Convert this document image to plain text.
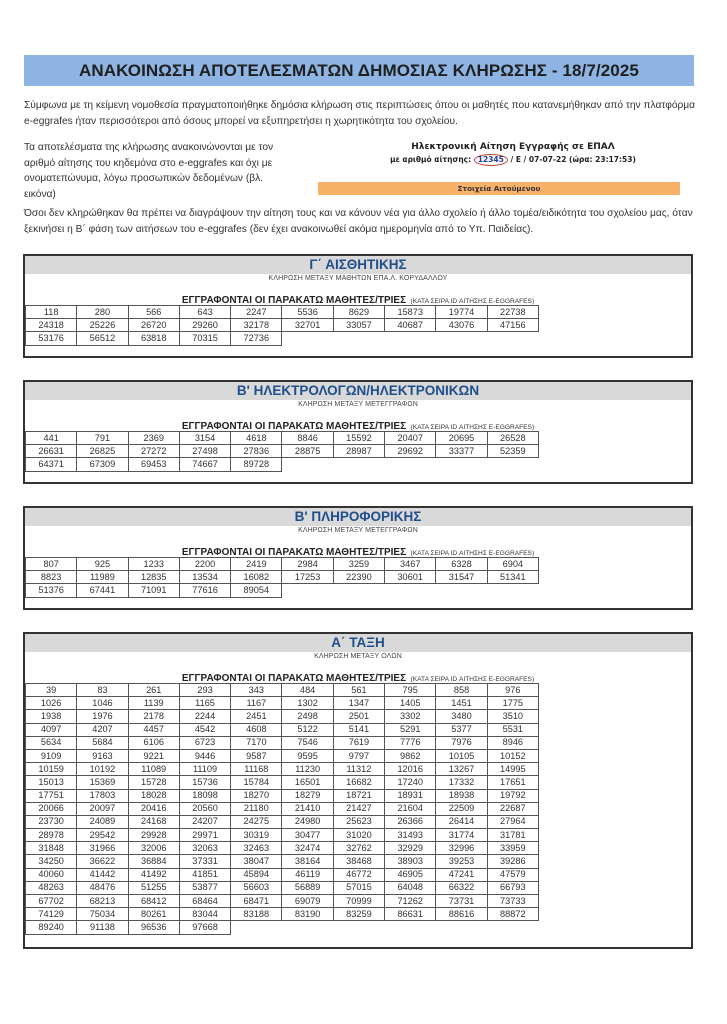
ΑΝΑΚΟΙΝΩΣΗ ΑΠΟΤΕΛΕΣΜΑΤΩΝ ΔΗΜΟΣΙΑΣ ΚΛΗΡΩΣΗΣ - 18/7/2025

Σύμφωνα με τη κείμενη νομοθεσία πραγματοποιήθηκε δημόσια κλήρωση στις περιπτώσεις όπου οι μαθητές που κατανεμήθηκαν από την πλατφόρμα e-eggrafes ήταν περισσότεροι από όσους μπορεί να εξυπηρετήσει η χωρητικότητα του σχολείου.

Τα αποτελέσματα της κλήρωσης ανακοινώνονται με τον αριθμό αίτησης του κηδεμόνα στο e-eggrafes και όχι με ονοματεπώνυμα, λόγω προσωπικών δεδομένων (βλ. εικόνα)

Ηλεκτρονική Αίτηση Εγγραφής σε ΕΠΑΛ
με αριθμό αίτησης: 12345 / Ε / 07-07-22 (ώρα: 23:17:53)
Στοιχεία Αιτούμενου

Όσοι δεν κληρώθηκαν θα πρέπει να διαγράψουν την αίτηση τους και να κάνουν νέα για άλλο σχολείο ή άλλο τομέα/ειδικότητα του σχολείου μας, όταν ξεκινήσει η Β΄ φάση των αιτήσεων του e-eggrafes (δεν έχει ανακοινωθεί ακόμα ημερομηνία από το Υπ. Παιδείας).

Γ΄ ΑΙΣΘΗΤΙΚΗΣ
ΚΛΗΡΩΣΗ ΜΕΤΑΞΥ ΜΑΘΗΤΩΝ ΕΠΑ.Λ. ΚΟΡΥΔΑΛΛΟΥ
ΕΓΓΡΑΦΟΝΤΑΙ ΟΙ ΠΑΡΑΚΑΤΩ ΜΑΘΗΤΕΣ/ΤΡΙΕΣ (ΚΑΤΑ ΣΕΙΡΑ ID ΑΙΤΗΣΗΣ E-EGGRAFES)
118	280	566	643	2247	5536	8629	15873	19774	22738
24318	25226	26720	29260	32178	32701	33057	40687	43076	47156
53176	56512	63818	70315	72736					
Β' ΗΛΕΚΤΡΟΛΟΓΩΝ/ΗΛΕΚΤΡΟΝΙΚΩΝ
ΚΛΗΡΩΣΗ ΜΕΤΑΞΥ ΜΕΤΕΓΓΡΑΦΩΝ
ΕΓΓΡΑΦΟΝΤΑΙ ΟΙ ΠΑΡΑΚΑΤΩ ΜΑΘΗΤΕΣ/ΤΡΙΕΣ (ΚΑΤΑ ΣΕΙΡΑ ID ΑΙΤΗΣΗΣ E-EGGRAFES)
441	791	2369	3154	4618	8846	15592	20407	20695	26528
26631	26825	27272	27498	27836	28875	28987	29692	33377	52359
64371	67309	69453	74667	89728					
Β' ΠΛΗΡΟΦΟΡΙΚΗΣ
ΚΛΗΡΩΣΗ ΜΕΤΑΞΥ ΜΕΤΕΓΓΡΑΦΩΝ
ΕΓΓΡΑΦΟΝΤΑΙ ΟΙ ΠΑΡΑΚΑΤΩ ΜΑΘΗΤΕΣ/ΤΡΙΕΣ (ΚΑΤΑ ΣΕΙΡΑ ID ΑΙΤΗΣΗΣ E-EGGRAFES)
807	925	1233	2200	2419	2984	3259	3467	6328	6904
8823	11989	12835	13534	16082	17253	22390	30601	31547	51341
51376	67441	71091	77616	89054					
Α΄ ΤΑΞΗ
ΚΛΗΡΩΣΗ ΜΕΤΑΞΥ ΟΛΩΝ
ΕΓΓΡΑΦΟΝΤΑΙ ΟΙ ΠΑΡΑΚΑΤΩ ΜΑΘΗΤΕΣ/ΤΡΙΕΣ (ΚΑΤΑ ΣΕΙΡΑ ID ΑΙΤΗΣΗΣ E-EGGRAFES)
39	83	261	293	343	484	561	795	858	976
1026	1046	1139	1165	1167	1302	1347	1405	1451	1775
1938	1976	2178	2244	2451	2498	2501	3302	3480	3510
4097	4207	4457	4542	4608	5122	5141	5291	5377	5531
5634	5684	6106	6723	7170	7546	7619	7776	7976	8946
9109	9163	9221	9446	9587	9595	9797	9862	10105	10152
10159	10192	11089	11109	11168	11230	11312	12016	13267	14995
15013	15369	15728	15736	15784	16501	16682	17240	17332	17651
17751	17803	18028	18098	18270	18279	18721	18931	18938	19792
20066	20097	20416	20560	21180	21410	21427	21604	22509	22687
23730	24089	24168	24207	24275	24980	25623	26366	26414	27964
28978	29542	29928	29971	30319	30477	31020	31493	31774	31781
31848	31966	32006	32063	32463	32474	32762	32929	32996	33959
34250	36622	36884	37331	38047	38164	38468	38903	39253	39286
40060	41442	41492	41851	45894	46119	46772	46905	47241	47579
48263	48476	51255	53877	56603	56889	57015	64048	66322	66793
67702	68213	68412	68464	68471	69079	70999	71262	73731	73733
74129	75034	80261	83044	83188	83190	83259	86631	88616	88872
89240	91138	96536	97668						
